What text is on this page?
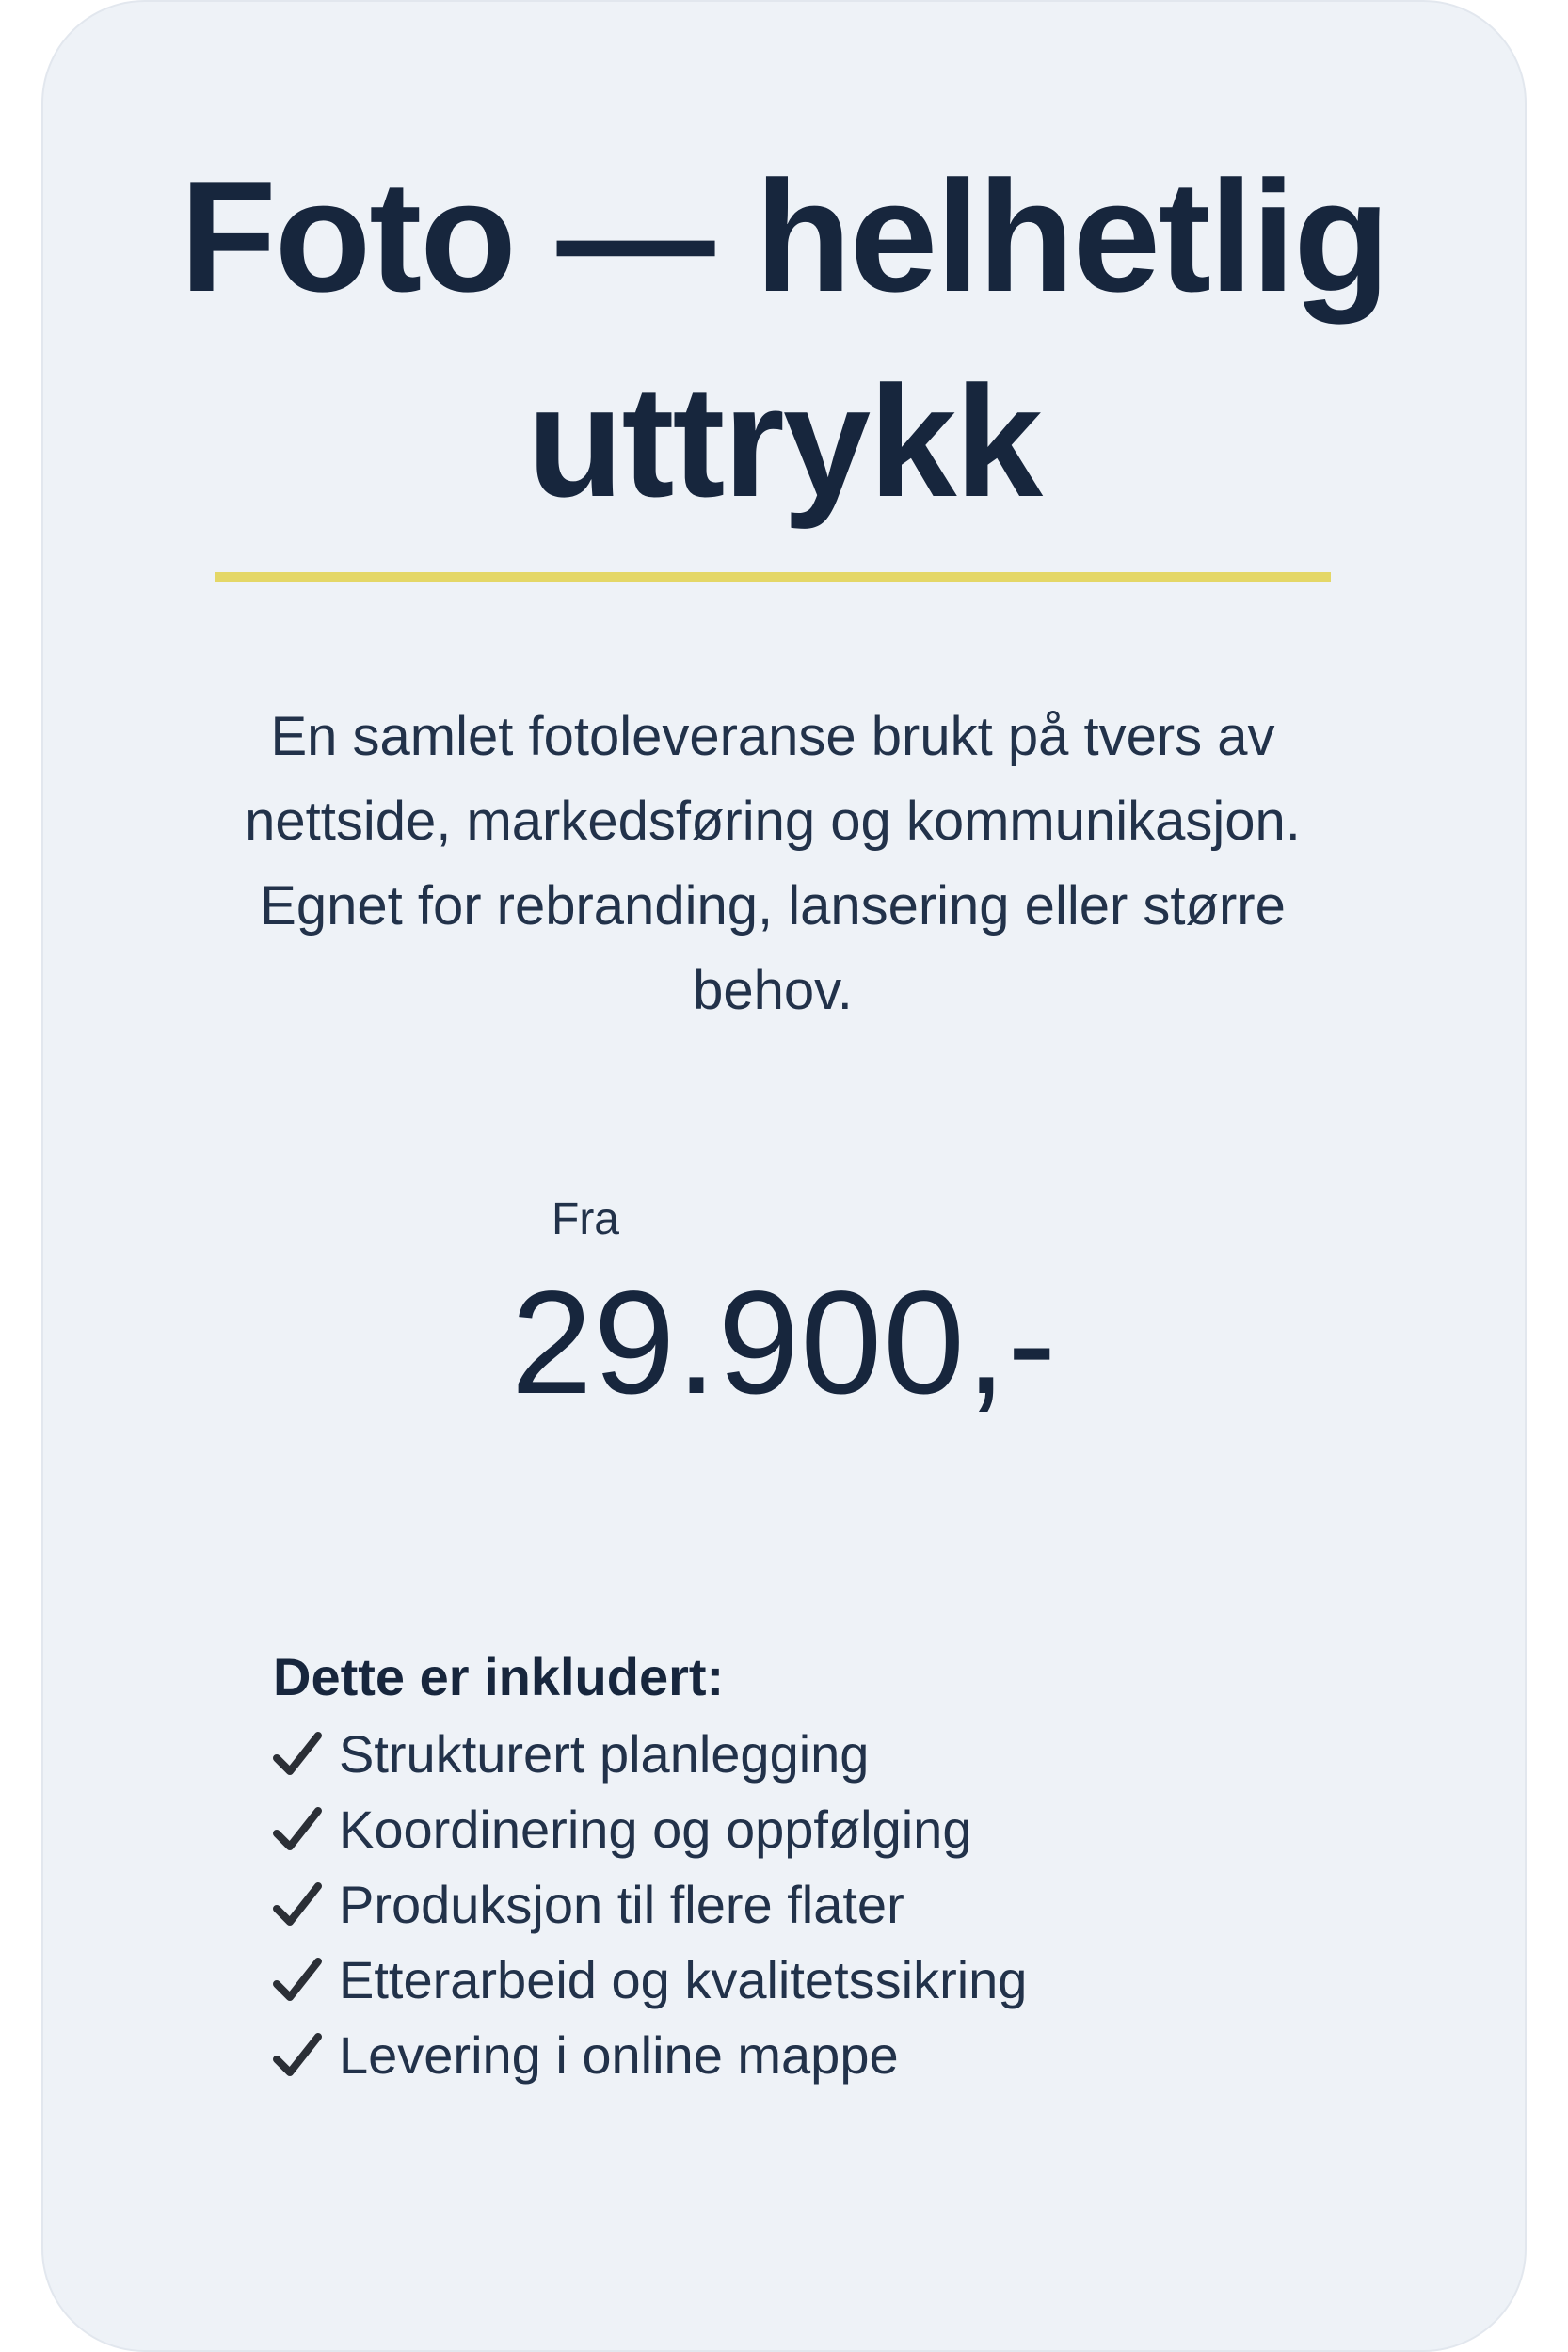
Foto — helhetlig
uttrykk

En samlet fotoleveranse brukt på tvers av nettside, markedsføring og kommunikasjon. Egnet for rebranding, lansering eller større behov.

Fra

29.900,-

Dette er inkludert:

Strukturert planlegging
Koordinering og oppfølging
Produksjon til flere flater
Etterarbeid og kvalitetssikring
Levering i online mappe
